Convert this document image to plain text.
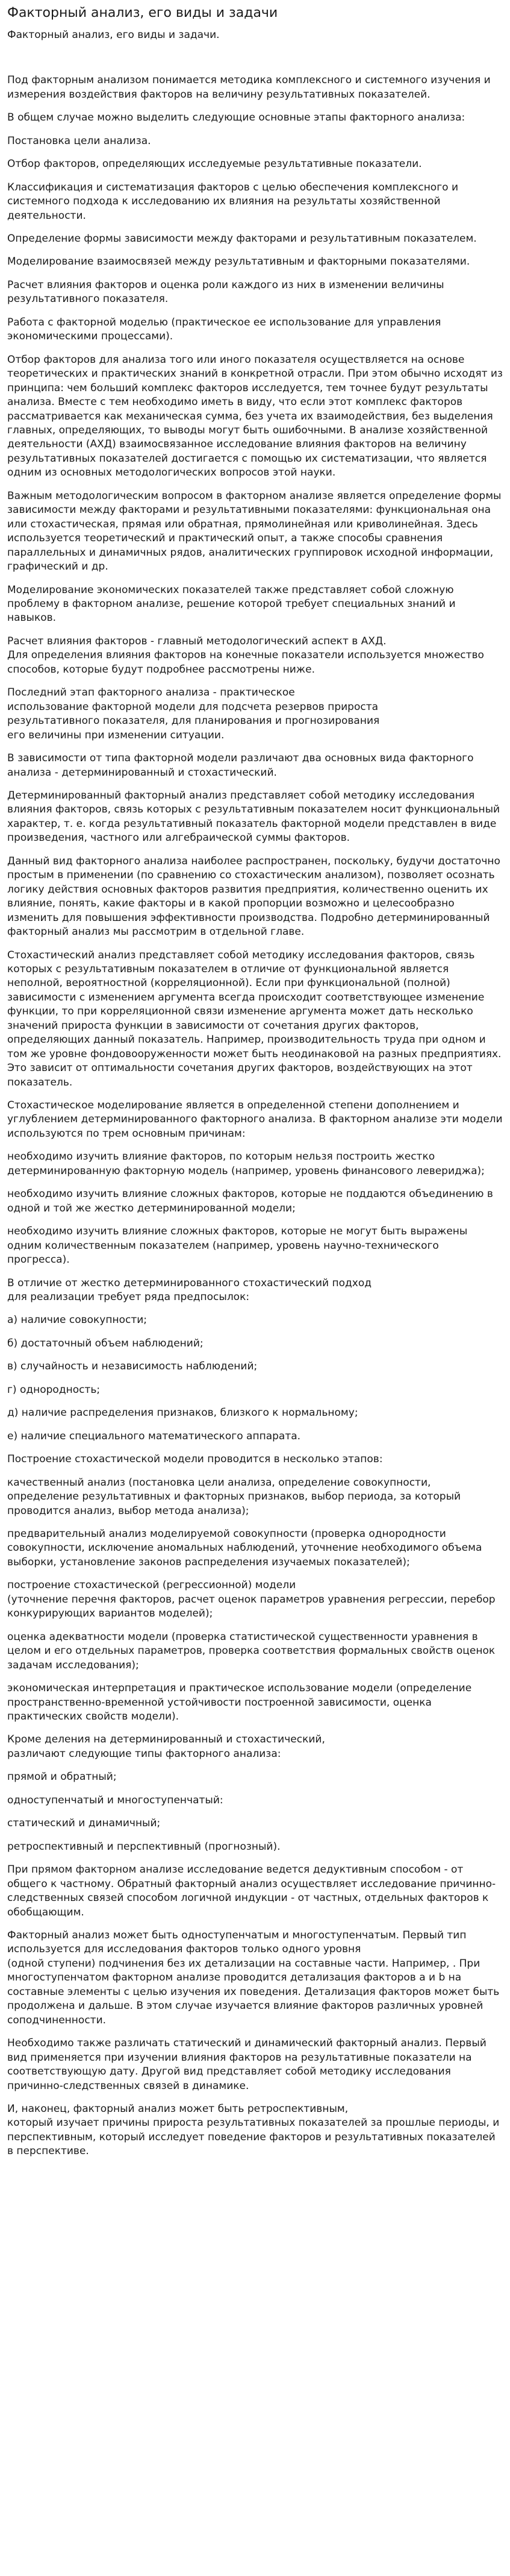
Факторный анализ, его виды и задачи
Факторный анализ, его виды и задачи.

Под факторным анализом понимается методика комплексного и системного изучения и измерения воздействия факторов на величину результативных показателей.

В общем случае можно выделить следующие основные этапы факторного анализа:

Постановка цели анализа.

Отбор факторов, определяющих исследуемые результативные показатели.

Классификация и систематизация факторов с целью обеспечения комплексного и системного подхода к исследованию их влияния на результаты хозяйственной деятельности.

Определение формы зависимости между факторами и результативным показателем.

Моделирование взаимосвязей между результативным и факторными показателями.

Расчет влияния факторов и оценка роли каждого из них в изменении величины результативного показателя.

Работа с факторной моделью (практическое ее использование для управления экономическими процессами).

Отбор факторов для анализа того или иного показателя осуществляется на основе теоретических и практических знаний в конкретной отрасли. При этом обычно исходят из принципа: чем больший комплекс факторов исследуется, тем точнее будут результаты анализа. Вместе с тем необходимо иметь в виду, что если этот комплекс факторов рассматривается как механическая сумма, без учета их взаимодействия, без выделения главных, определяющих, то выводы могут быть ошибочными. В анализе хозяйственной деятельности (АХД) взаимосвязанное исследование влияния факторов на величину результативных показателей достигается с помощью их систематизации, что является одним из основных методологических вопросов этой науки.

Важным методологическим вопросом в факторном анализе является определение формы зависимости между факторами и результативными показателями: функциональная она или стохастическая, прямая или обратная, прямолинейная или криволинейная. Здесь используется теоретический и практический опыт, а также способы сравнения параллельных и динамичных рядов, аналитических группировок исходной информации, графический и др.

Моделирование экономических показателей также представляет собой сложную проблему в факторном анализе, решение которой требует специальных знаний и навыков.

Расчет влияния факторов - главный методологический аспект в АХД.
Для определения влияния факторов на конечные показатели используется множество способов, которые будут подробнее рассмотрены ниже.

Последний этап факторного анализа - практическое
использование факторной модели для подсчета резервов прироста
результативного показателя, для планирования и прогнозирования
его величины при изменении ситуации.

В зависимости от типа факторной модели различают два основных вида факторного анализа - детерминированный и стохастический.

Детерминированный факторный анализ представляет собой методику исследования влияния факторов, связь которых с результативным показателем носит функциональный характер, т. е. когда результативный показатель факторной модели представлен в виде произведения, частного или алгебраической суммы факторов.

Данный вид факторного анализа наиболее распространен, поскольку, будучи достаточно простым в применении (по сравнению со стохастическим анализом), позволяет осознать логику действия основных факторов развития предприятия, количественно оценить их влияние, понять, какие факторы и в какой пропорции возможно и целесообразно изменить для повышения эффективности производства. Подробно детерминированный факторный анализ мы рассмотрим в отдельной главе.

Стохастический анализ представляет собой методику исследования факторов, связь которых с результативным показателем в отличие от функциональной является неполной, вероятностной (корреляционной). Если при функциональной (полной) зависимости с изменением аргумента всегда происходит соответствующее изменение функции, то при корреляционной связи изменение аргумента может дать несколько значений прироста функции в зависимости от сочетания других факторов, определяющих данный показатель. Например, производительность труда при одном и том же уровне фондовооруженности может быть неодинаковой на разных предприятиях. Это зависит от оптимальности сочетания других факторов, воздействующих на этот показатель.

Стохастическое моделирование является в определенной степени дополнением и углублением детерминированного факторного анализа. В факторном анализе эти модели используются по трем основным причинам:

необходимо изучить влияние факторов, по которым нельзя построить жестко детерминированную факторную модель (например, уровень финансового левериджа);

необходимо изучить влияние сложных факторов, которые не поддаются объединению в одной и той же жестко детерминированной модели;

необходимо изучить влияние сложных факторов, которые не могут быть выражены одним количественным показателем (например, уровень научно-технического прогресса).

В отличие от жестко детерминированного стохастический подход
для реализации требует ряда предпосылок:

а) наличие совокупности;

б) достаточный объем наблюдений;

в) случайность и независимость наблюдений;

г) однородность;

д) наличие распределения признаков, близкого к нормальному;

е) наличие специального математического аппарата.

Построение стохастической модели проводится в несколько этапов:

качественный анализ (постановка цели анализа, определение совокупности, определение результативных и факторных признаков, выбор периода, за который проводится анализ, выбор метода анализа);

предварительный анализ моделируемой совокупности (проверка однородности совокупности, исключение аномальных наблюдений, уточнение необходимого объема выборки, установление законов распределения изучаемых показателей);

построение стохастической (регрессионной) модели
(уточнение перечня факторов, расчет оценок параметров уравнения регрессии, перебор конкурирующих вариантов моделей);

оценка адекватности модели (проверка статистической существенности уравнения в целом и его отдельных параметров, проверка соответствия формальных свойств оценок задачам исследования);

экономическая интерпретация и практическое использование модели (определение пространственно-временной устойчивости построенной зависимости, оценка практических свойств модели).

Кроме деления на детерминированный и стохастический,
различают следующие типы факторного анализа:

прямой и обратный;

одноступенчатый и многоступенчатый:

статический и динамичный;

ретроспективный и перспективный (прогнозный).

При прямом факторном анализе исследование ведется дедуктивным способом - от общего к частному. Обратный факторный анализ осуществляет исследование причинно-следственных связей способом логичной индукции - от частных, отдельных факторов к обобщающим.

Факторный анализ может быть одноступенчатым и многоступенчатым. Первый тип используется для исследования факторов только одного уровня
(одной ступени) подчинения без их детализации на составные части. Например, . При многоступенчатом факторном анализе проводится детализация факторов а и b на составные элементы с целью изучения их поведения. Детализация факторов может быть продолжена и дальше. В этом случае изучается влияние факторов различных уровней соподчиненности.

Необходимо также различать статический и динамический факторный анализ. Первый вид применяется при изучении влияния факторов на результативные показатели на соответствующую дату. Другой вид представляет собой методику исследования причинно-следственных связей в динамике.

И, наконец, факторный анализ может быть ретроспективным,
который изучает причины прироста результативных показателей за прошлые периоды, и перспективным, который исследует поведение факторов и результативных показателей в перспективе.
